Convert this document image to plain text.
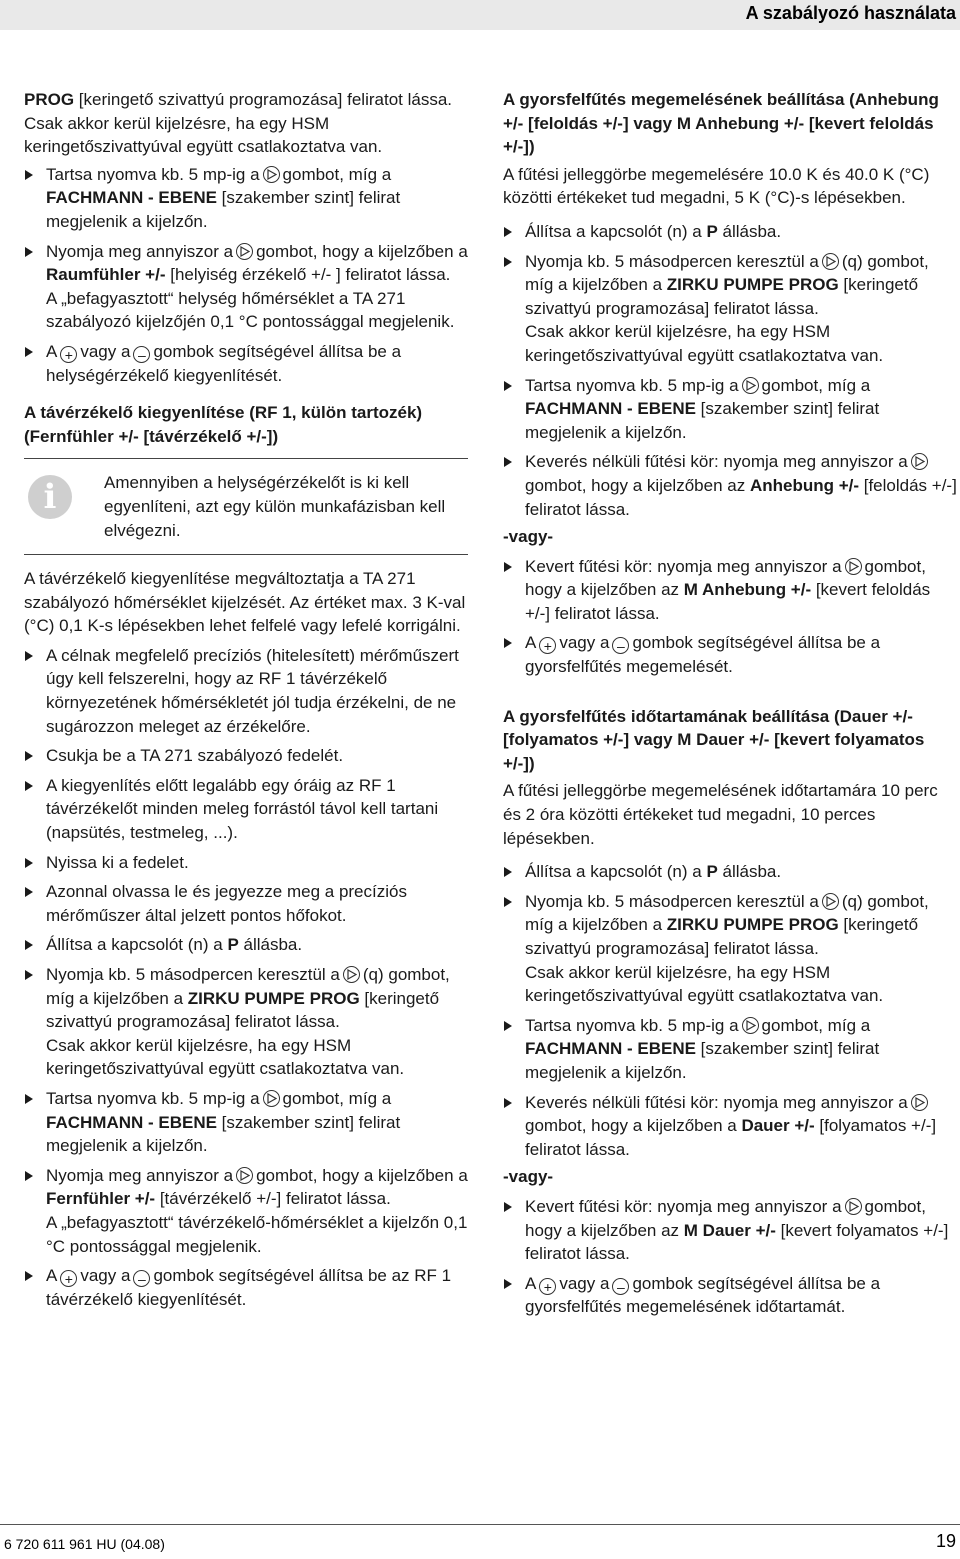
A szabályozó használata

PROG [keringető szivattyú programozása] feliratot lássa.

Csak akkor kerül kijelzésre, ha egy HSM keringetőszivattyúval együtt csatlakoztatva van.

Tartsa nyomva kb. 5 mp-ig a gombot, míg a FACHMANN - EBENE [szakember szint] felirat megjelenik a kijelzőn.
Nyomja meg annyiszor a gombot, hogy a kijelzőben a Raumfühler +/- [helyiség érzékelő +/- ] feliratot lássa.
A „befagyasztott“ helység hőmérséklet a TA 271 szabályozó kijelzőjén 0,1 °C pontossággal megjelenik.
A + vagy a – gombok segítségével állítsa be a helységérzékelő kiegyenlítését.
A távérzékelő kiegyenlítése (RF 1, külön tartozék) (Fernfühler +/- [távérzékelő +/-])
i	Amennyiben a helységérzékelőt is ki kell egyenlíteni, azt egy külön munkafázisban kell elvégezni.

A távérzékelő kiegyenlítése megváltoztatja a TA 271 szabályozó hőmérséklet kijelzését. Az értéket max. 3 K-val (°C) 0,1 K-s lépésekben lehet felfelé vagy lefelé korrigálni.

A célnak megfelelő precíziós (hitelesített) mérőműszert úgy kell felszerelni, hogy az RF 1 távérzékelő környezetének hőmérsékletét jól tudja érzékelni, de ne sugározzon meleget az érzékelőre.
Csukja be a TA 271 szabályozó fedelét.
A kiegyenlítés előtt legalább egy óráig az RF 1 távérzékelőt minden meleg forrástól távol kell tartani (napsütés, testmeleg, ...).
Nyissa ki a fedelet.
Azonnal olvassa le és jegyezze meg a precíziós mérőműszer által jelzett pontos hőfokot.
Állítsa a kapcsolót (n) a P állásba.
Nyomja kb. 5 másodpercen keresztül a (q) gombot, míg a kijelzőben a ZIRKU PUMPE PROG [keringető szivattyú programozása] feliratot lássa.
Csak akkor kerül kijelzésre, ha egy HSM keringetőszivattyúval együtt csatlakoztatva van.
Tartsa nyomva kb. 5 mp-ig a gombot, míg a FACHMANN - EBENE [szakember szint] felirat megjelenik a kijelzőn.
Nyomja meg annyiszor a gombot, hogy a kijelzőben a Fernfühler +/- [távérzékelő +/-] feliratot lássa.
A „befagyasztott“ távérzékelő-hőmérséklet a kijelzőn 0,1 °C pontossággal megjelenik.
A + vagy a – gombok segítségével állítsa be az RF 1 távérzékelő kiegyenlítését.
A gyorsfelfűtés megemelésének beállítása (Anhebung +/- [feloldás +/-] vagy M Anhebung +/- [kevert feloldás +/-])

A fűtési jelleggörbe megemelésére 10.0 K és 40.0 K (°C) közötti értékeket tud megadni, 5 K (°C)-s lépésekben.

Állítsa a kapcsolót (n) a P állásba.
Nyomja kb. 5 másodpercen keresztül a (q) gombot, míg a kijelzőben a ZIRKU PUMPE PROG [keringető szivattyú programozása] feliratot lássa.
Csak akkor kerül kijelzésre, ha egy HSM keringetőszivattyúval együtt csatlakoztatva van.
Tartsa nyomva kb. 5 mp-ig a gombot, míg a FACHMANN - EBENE [szakember szint] felirat megjelenik a kijelzőn.
Keverés nélküli fűtési kör: nyomja meg annyiszor a
gombot, hogy a kijelzőben az Anhebung +/- [feloldás +/-] feliratot lássa.
-vagy-
Kevert fűtési kör: nyomja meg annyiszor a gombot, hogy a kijelzőben az M Anhebung +/- [kevert feloldás +/-] feliratot lássa.
A + vagy a – gombok segítségével állítsa be a gyorsfelfűtés megemelését.
A gyorsfelfűtés időtartamának beállítása (Dauer +/- [folyamatos +/-] vagy M Dauer +/- [kevert folyamatos +/-])

A fűtési jelleggörbe megemelésének időtartamára 10 perc és 2 óra közötti értékeket tud megadni, 10 perces lépésekben.

Állítsa a kapcsolót (n) a P állásba.
Nyomja kb. 5 másodpercen keresztül a (q) gombot, míg a kijelzőben a ZIRKU PUMPE PROG [keringető szivattyú programozása] feliratot lássa.
Csak akkor kerül kijelzésre, ha egy HSM keringetőszivattyúval együtt csatlakoztatva van.
Tartsa nyomva kb. 5 mp-ig a gombot, míg a FACHMANN - EBENE [szakember szint] felirat megjelenik a kijelzőn.
Keverés nélküli fűtési kör: nyomja meg annyiszor a
gombot, hogy a kijelzőben a Dauer +/- [folyamatos +/-] feliratot lássa.
-vagy-
Kevert fűtési kör: nyomja meg annyiszor a gombot, hogy a kijelzőben az M Dauer +/- [kevert folyamatos +/-] feliratot lássa.
A + vagy a – gombok segítségével állítsa be a gyorsfelfűtés megemelésének időtartamát.
6 720 611 961 HU (04.08)	19
